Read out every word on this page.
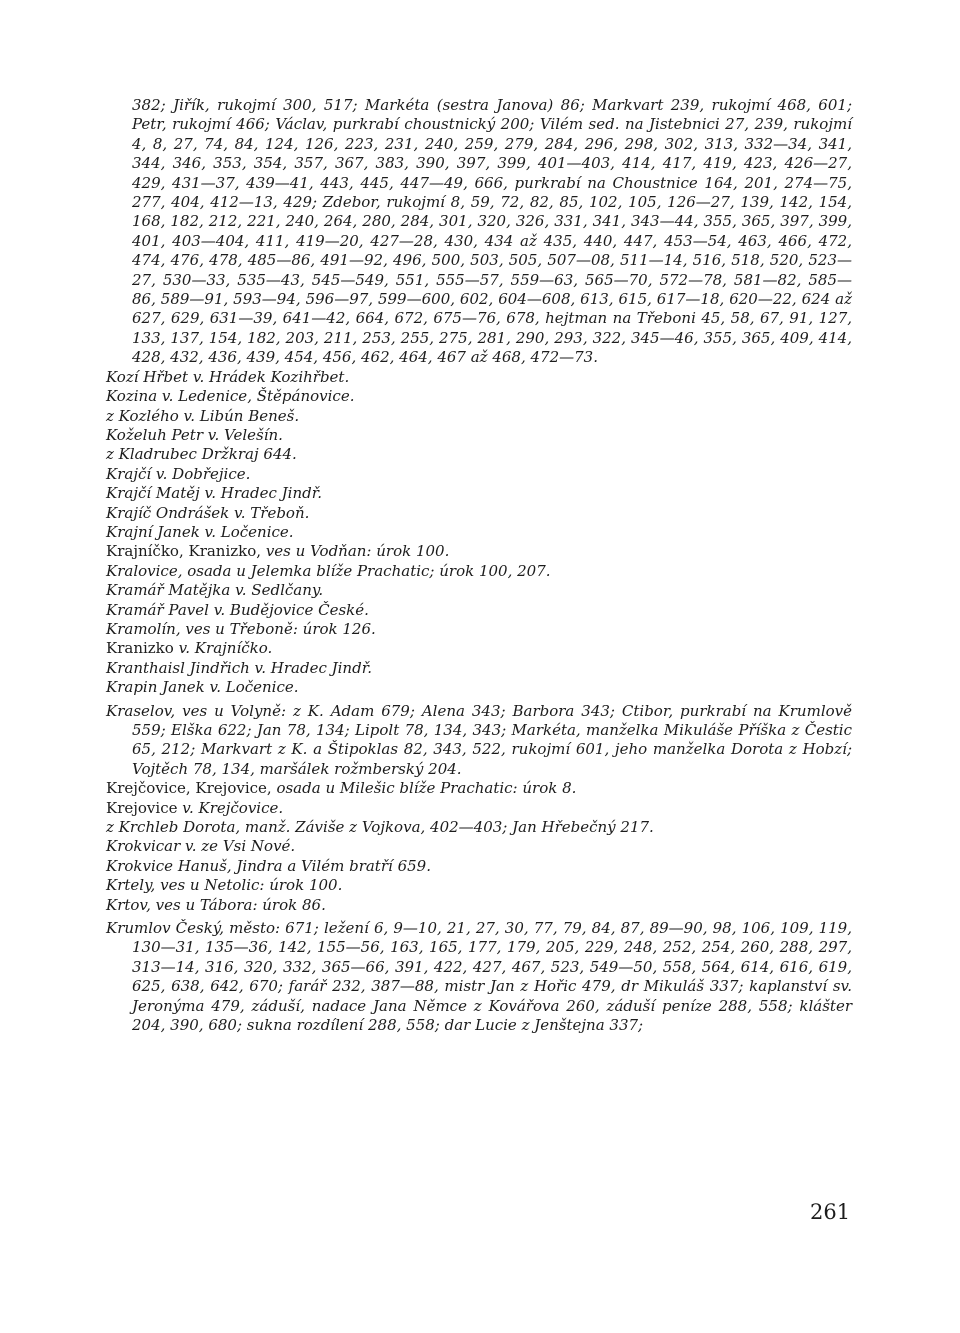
382; Jiřík, rukojmí 300, 517; Markéta (sestra Janova) 86; Markvart 239, rukojmí 468, 601; Petr, rukojmí 466; Václav, purkrabí choustnický 200; Vilém sed. na Jistebnici 27, 239, rukojmí 4, 8, 27, 74, 84, 124, 126, 223, 231, 240, 259, 279, 284, 296, 298, 302, 313, 332—34, 341, 344, 346, 353, 354, 357, 367, 383, 390, 397, 399, 401—403, 414, 417, 419, 423, 426—27, 429, 431—37, 439—41, 443, 445, 447—49, 666, purkrabí na Choustnice 164, 201, 274—75, 277, 404, 412—13, 429; Zdebor, rukojmí 8, 59, 72, 82, 85, 102, 105, 126—27, 139, 142, 154, 168, 182, 212, 221, 240, 264, 280, 284, 301, 320, 326, 331, 341, 343—44, 355, 365, 397, 399, 401, 403—404, 411, 419—20, 427—28, 430, 434 až 435, 440, 447, 453—54, 463, 466, 472, 474, 476, 478, 485—86, 491—92, 496, 500, 503, 505, 507—08, 511—14, 516, 518, 520, 523—27, 530—33, 535—43, 545—549, 551, 555—57, 559—63, 565—70, 572—78, 581—82, 585—86, 589—91, 593—94, 596—97, 599—600, 602, 604—608, 613, 615, 617—18, 620—22, 624 až 627, 629, 631—39, 641—42, 664, 672, 675—76, 678, hejtman na Třeboni 45, 58, 67, 91, 127, 133, 137, 154, 182, 203, 211, 253, 255, 275, 281, 290, 293, 322, 345—46, 355, 365, 409, 414, 428, 432, 436, 439, 454, 456, 462, 464, 467 až 468, 472—73.

Kozí Hřbet v. Hrádek Kozihřbet.

Kozina v. Ledenice, Štěpánovice.

z Kozlého v. Libún Beneš.

Koželuh Petr v. Velešín.

z Kladrubec Držkraj 644.

Krajčí v. Dobřejice.

Krajčí Matěj v. Hradec Jindř.

Krajíč Ondrášek v. Třeboň.

Krajní Janek v. Ločenice.

Krajníčko, Kranizko, ves u Vodňan: úrok 100.

Kralovice, osada u Jelemka blíže Prachatic; úrok 100, 207.

Kramář Matějka v. Sedlčany.

Kramář Pavel v. Budějovice České.

Kramolín, ves u Třeboně: úrok 126.

Kranizko v. Krajníčko.

Kranthaisl Jindřich v. Hradec Jindř.

Krapin Janek v. Ločenice.

Kraselov, ves u Volyně: z K. Adam 679; Alena 343; Barbora 343; Ctibor, purkrabí na Krumlově 559; Elška 622; Jan 78, 134; Lipolt 78, 134, 343; Markéta, manželka Mikuláše Příška z Čestic 65, 212; Markvart z K. a Štipoklas 82, 343, 522, rukojmí 601, jeho manželka Dorota z Hobzí; Vojtěch 78, 134, maršálek rožmberský 204.

Krejčovice, Krejovice, osada u Milešic blíže Prachatic: úrok 8.

Krejovice v. Krejčovice.

z Krchleb Dorota, manž. Záviše z Vojkova, 402—403; Jan Hřebečný 217.

Krokvicar v. ze Vsi Nové.

Krokvice Hanuš, Jindra a Vilém bratří 659.

Krtely, ves u Netolic: úrok 100.

Krtov, ves u Tábora: úrok 86.

Krumlov Český, město: 671; ležení 6, 9—10, 21, 27, 30, 77, 79, 84, 87, 89—90, 98, 106, 109, 119, 130—31, 135—36, 142, 155—56, 163, 165, 177, 179, 205, 229, 248, 252, 254, 260, 288, 297, 313—14, 316, 320, 332, 365—66, 391, 422, 427, 467, 523, 549—50, 558, 564, 614, 616, 619, 625, 638, 642, 670; farář 232, 387—88, mistr Jan z Hořic 479, dr Mikuláš 337; kaplanství sv. Jeronýma 479, záduší, nadace Jana Němce z Kovářova 260, záduší peníze 288, 558; klášter 204, 390, 680; sukna rozdílení 288, 558; dar Lucie z Jenštejna 337;

261
